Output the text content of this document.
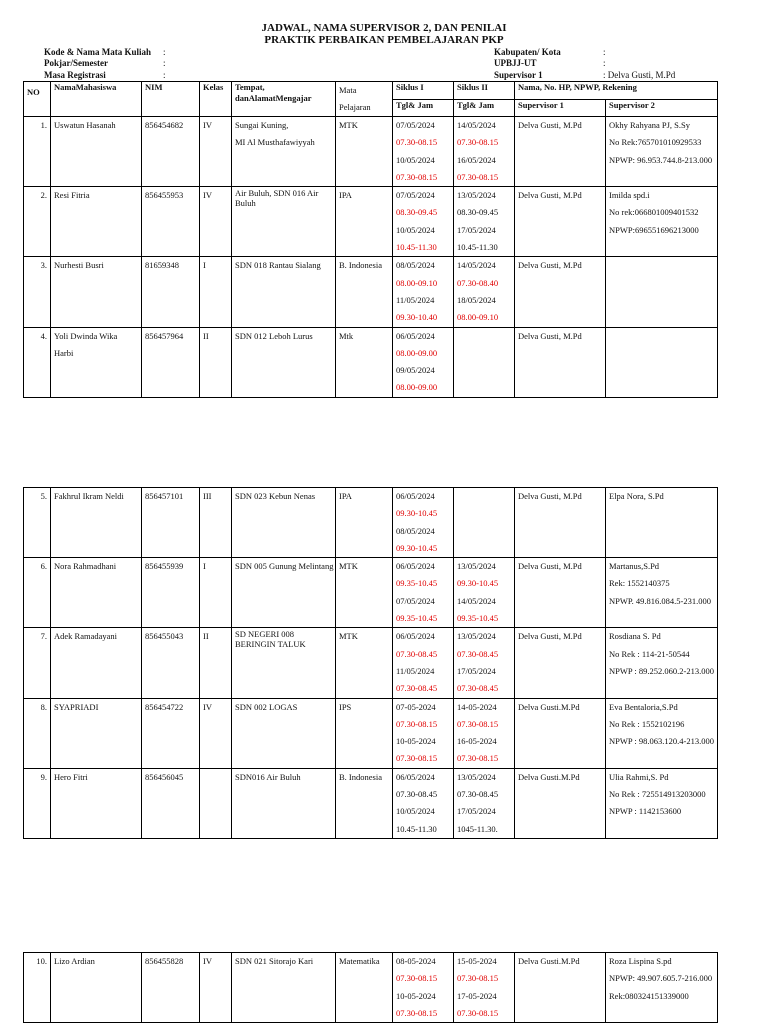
JADWAL, NAMA SUPERVISOR 2, DAN PENILAI
PRAKTIK PERBAIKAN PEMBELAJARAN PKP
Kode & Nama Mata Kuliah :
Pokjar/Semester	:
Masa Registrasi	:
Kabupaten/ Kota	:
UPBJJ-UT	:
Supervisor 1	: Delva Gusti, M.Pd
NO	NamaMahasiswa	NIM	Kelas	Tempat, danAlamatMengajar	Mata Pelajaran	Siklus I	Siklus II	Nama, No. HP, NPWP, Rekening	
						Tgl& Jam	Tgl& Jam	Supervisor 1	Supervisor 2
1.	Uswatun Hasanah	856454682	IV	Sungai Kuning,
MI Al Musthafawiyyah	MTK	07/05/2024
07.30-08.15
10/05/2024
07.30-08.15	14/05/2024
07.30-08.15
16/05/2024
07.30-08.15	Delva Gusti, M.Pd	Okhy Rahyana PJ, S.Sy
No Rek:765701010929533
NPWP: 96.953.744.8-213.000

2.	Resi Fitria	856455953	IV	Air Buluh, SDN 016 Air Buluh	IPA	07/05/2024
08.30-09.45
10/05/2024
10.45-11.30	13/05/2024
08.30-09.45
17/05/2024
10.45-11.30	Delva Gusti, M.Pd	Imilda spd.i
No rek:066801009401532
NPWP:696551696213000

3.	Nurhesti Busri	81659348	I	SDN 018 Rantau Sialang	B. Indonesia	08/05/2024
08.00-09.10
11/05/2024
09.30-10.40	14/05/2024
07.30-08.40
18/05/2024
08.00-09.10	Delva Gusti, M.Pd	
4.	Yoli Dwinda Wika
Harbi	856457964	II	SDN 012 Leboh Lurus	Mtk	06/05/2024
08.00-09.00
09/05/2024
08.00-09.00		Delva Gusti, M.Pd	
5.	Fakhrul Ikram Neldi	856457101	III	SDN 023 Kebun Nenas	IPA	06/05/2024
09.30-10.45
08/05/2024
09.30-10.45		Delva Gusti, M.Pd	Elpa Nora, S.Pd

6.	Nora Rahmadhani	856455939	I	SDN 005 Gunung Melintang	MTK	06/05/2024
09.35-10.45
07/05/2024
09.35-10.45	13/05/2024
09.30-10.45
14/05/2024
09.35-10.45	Delva Gusti, M.Pd	Martanus,S.Pd
Rek: 1552140375
NPWP. 49.816.084.5-231.000

7.	Adek Ramadayani	856455043	II	SD NEGERI 008 BERINGIN TALUK	MTK	06/05/2024
07.30-08.45
11/05/2024
07.30-08.45	13/05/2024
07.30-08.45
17/05/2024
07.30-08.45	Delva Gusti, M.Pd	Rosdiana S. Pd
No Rek : 114-21-50544
NPWP : 89.252.060.2-213.000

8.	SYAPRIADI	856454722	IV	SDN 002 LOGAS	IPS	07-05-2024
07.30-08.15
10-05-2024
07.30-08.15	14-05-2024
07.30-08.15
16-05-2024
07.30-08.15	Delva Gusti.M.Pd	Eva Bentaloria,S.Pd
No Rek : 1552102196
NPWP : 98.063.120.4-213.000

9.	Hero Fitri	856456045		SDN016 Air Buluh	B. Indonesia	06/05/2024
07.30-08.45
10/05/2024
10.45-11.30	13/05/2024
07.30-08.45
17/05/2024
1045-11.30.	Delva Gusti.M.Pd	Ulia Rahmi,S. Pd
No Rek : 725514913203000
NPWP : 1142153600
10.	Lizo Ardian	856455828	IV	SDN 021 Sitorajo Kari	Matematika	08-05-2024
07.30-08.15
10-05-2024
07.30-08.15

15-05-2024
07.30-08.15
17-05-2024
07.30-08.15
	Delva Gusti.M.Pd	Roza Lispina S.pd
NPWP: 49.907.605.7-216.000
Rek:080324151339000
